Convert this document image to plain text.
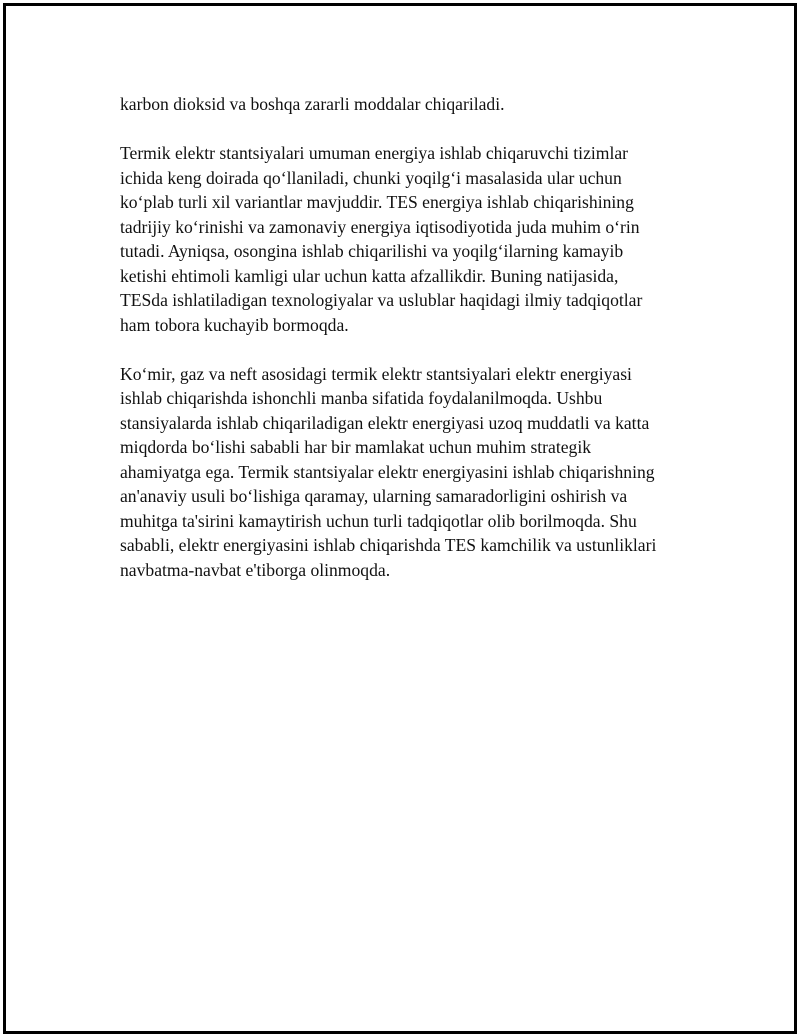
karbon dioksid va boshqa zararli moddalar chiqariladi.

Termik elektr stantsiyalari umuman energiya ishlab chiqaruvchi tizimlar
ichida keng doirada qo‘llaniladi, chunki yoqilg‘i masalasida ular uchun
ko‘plab turli xil variantlar mavjuddir. TES energiya ishlab chiqarishining
tadrijiy ko‘rinishi va zamonaviy energiya iqtisodiyotida juda muhim o‘rin
tutadi. Ayniqsa, osongina ishlab chiqarilishi va yoqilg‘ilarning kamayib
ketishi ehtimoli kamligi ular uchun katta afzallikdir. Buning natijasida,
TESda ishlatiladigan texnologiyalar va uslublar haqidagi ilmiy tadqiqotlar
ham tobora kuchayib bormoqda.

Ko‘mir, gaz va neft asosidagi termik elektr stantsiyalari elektr energiyasi
ishlab chiqarishda ishonchli manba sifatida foydalanilmoqda. Ushbu
stansiyalarda ishlab chiqariladigan elektr energiyasi uzoq muddatli va katta
miqdorda bo‘lishi sababli har bir mamlakat uchun muhim strategik
ahamiyatga ega. Termik stantsiyalar elektr energiyasini ishlab chiqarishning
an'anaviy usuli bo‘lishiga qaramay, ularning samaradorligini oshirish va
muhitga ta'sirini kamaytirish uchun turli tadqiqotlar olib borilmoqda. Shu
sababli, elektr energiyasini ishlab chiqarishda TES kamchilik va ustunliklari
navbatma-navbat e'tiborga olinmoqda.
